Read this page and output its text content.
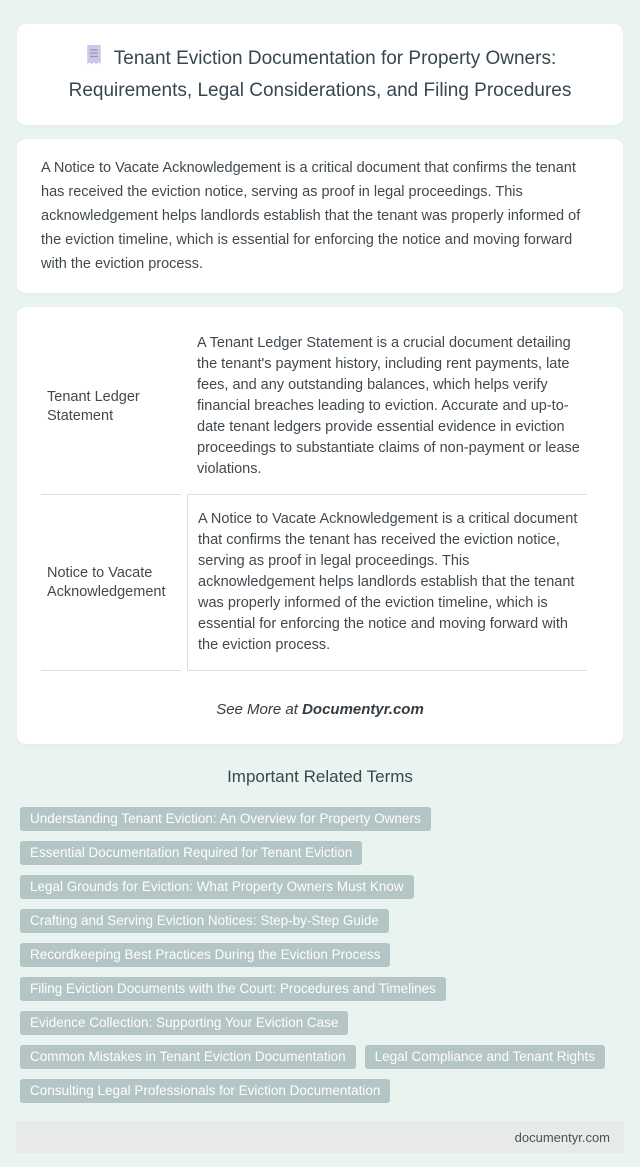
Tenant Eviction Documentation for Property Owners: Requirements, Legal Considerations, and Filing Procedures

A Notice to Vacate Acknowledgement is a critical document that confirms the tenant has received the eviction notice, serving as proof in legal proceedings. This acknowledgement helps landlords establish that the tenant was properly informed of the eviction timeline, which is essential for enforcing the notice and moving forward with the eviction process.

Tenant Ledger Statement	A Tenant Ledger Statement is a crucial document detailing the tenant's payment history, including rent payments, late fees, and any outstanding balances, which helps verify financial breaches leading to eviction. Accurate and up-to-date tenant ledgers provide essential evidence in eviction proceedings to substantiate claims of non-payment or lease violations.
Notice to Vacate Acknowledgement	A Notice to Vacate Acknowledgement is a critical document that confirms the tenant has received the eviction notice, serving as proof in legal proceedings. This acknowledgement helps landlords establish that the tenant was properly informed of the eviction timeline, which is essential for enforcing the notice and moving forward with the eviction process.
See More at Documentyr.com
Important Related Terms
Understanding Tenant Eviction: An Overview for Property Owners
Essential Documentation Required for Tenant Eviction
Legal Grounds for Eviction: What Property Owners Must Know
Crafting and Serving Eviction Notices: Step-by-Step Guide
Recordkeeping Best Practices During the Eviction Process
Filing Eviction Documents with the Court: Procedures and Timelines
Evidence Collection: Supporting Your Eviction Case
Common Mistakes in Tenant Eviction Documentation	Legal Compliance and Tenant Rights
Consulting Legal Professionals for Eviction Documentation
documentyr.com
